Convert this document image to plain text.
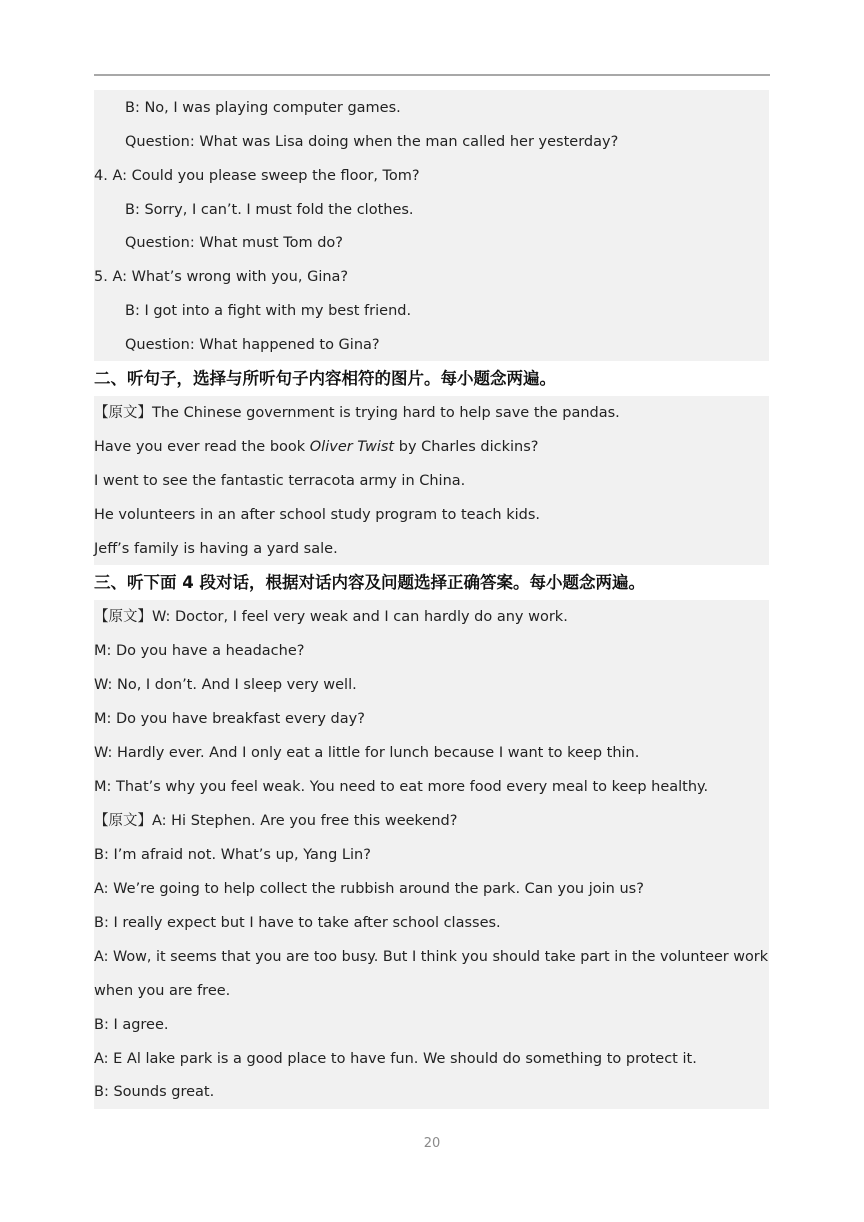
B: No, I was playing computer games.
Question: What was Lisa doing when the man called her yesterday?
4. A: Could you please sweep the floor, Tom?
B: Sorry, I can’t. I must fold the clothes.
Question: What must Tom do?
5. A: What’s wrong with you, Gina?
B: I got into a fight with my best friend.
Question: What happened to Gina?
二、听句子，选择与所听句子内容相符的图片。每小题念两遍。
【原文】The Chinese government is trying hard to help save the pandas.
Have you ever read the book Oliver Twist by Charles dickins?
I went to see the fantastic terracota army in China.
He volunteers in an after school study program to teach kids.
Jeff’s family is having a yard sale.
三、听下面 4 段对话，根据对话内容及问题选择正确答案。每小题念两遍。
【原文】W: Doctor, I feel very weak and I can hardly do any work.
M: Do you have a headache?
W: No, I don’t. And I sleep very well.
M: Do you have breakfast every day?
W: Hardly ever. And I only eat a little for lunch because I want to keep thin.
M: That’s why you feel weak. You need to eat more food every meal to keep healthy.
【原文】A: Hi Stephen. Are you free this weekend?
B: I’m afraid not. What’s up, Yang Lin?
A: We’re going to help collect the rubbish around the park. Can you join us?
B: I really expect but I have to take after school classes.
A: Wow, it seems that you are too busy. But I think you should take part in the volunteer work
when you are free.
B: I agree.
A: E Al lake park is a good place to have fun. We should do something to protect it.
B: Sounds great.
20
